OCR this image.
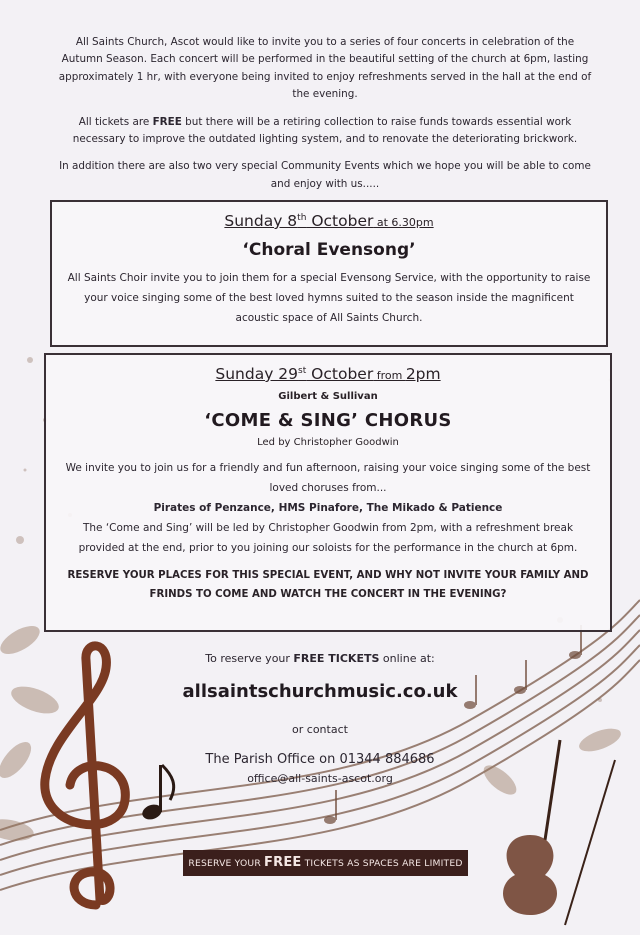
All Saints Church, Ascot would like to invite you to a series of four concerts in celebration of the Autumn Season. Each concert will be performed in the beautiful setting of the church at 6pm, lasting approximately 1 hr, with everyone being invited to enjoy refreshments served in the hall at the end of the evening.

All tickets are FREE but there will be a retiring collection to raise funds towards essential work necessary to improve the outdated lighting system, and to renovate the deteriorating brickwork.

In addition there are also two very special Community Events which we hope you will be able to come and enjoy with us.....

Sunday 8th October at 6.30pm
‘Choral Evensong’
All Saints Choir invite you to join them for a special Evensong Service, with the opportunity to raise your voice singing some of the best loved hymns suited to the season inside the magnificent acoustic space of All Saints Church.
Sunday 29st October from 2pm
Gilbert & Sullivan
‘COME & SING’ CHORUS
Led by Christopher Goodwin
We invite you to join us for a friendly and fun afternoon, raising your voice singing some of the best loved choruses from...
Pirates of Penzance, HMS Pinafore, The Mikado & Patience
The ‘Come and Sing’ will be led by Christopher Goodwin from 2pm, with a refreshment break provided at the end, prior to you joining our soloists for the performance in the church at 6pm.
RESERVE YOUR PLACES FOR THIS SPECIAL EVENT, AND WHY NOT INVITE YOUR FAMILY AND FRINDS TO COME AND WATCH THE CONCERT IN THE EVENING?
To reserve your FREE TICKETS online at:
allsaintschurchmusic.co.uk
or contact
The Parish Office on 01344 884686
office@all-saints-ascot.org
RESERVE YOUR FREE TICKETS AS SPACES ARE LIMITED
